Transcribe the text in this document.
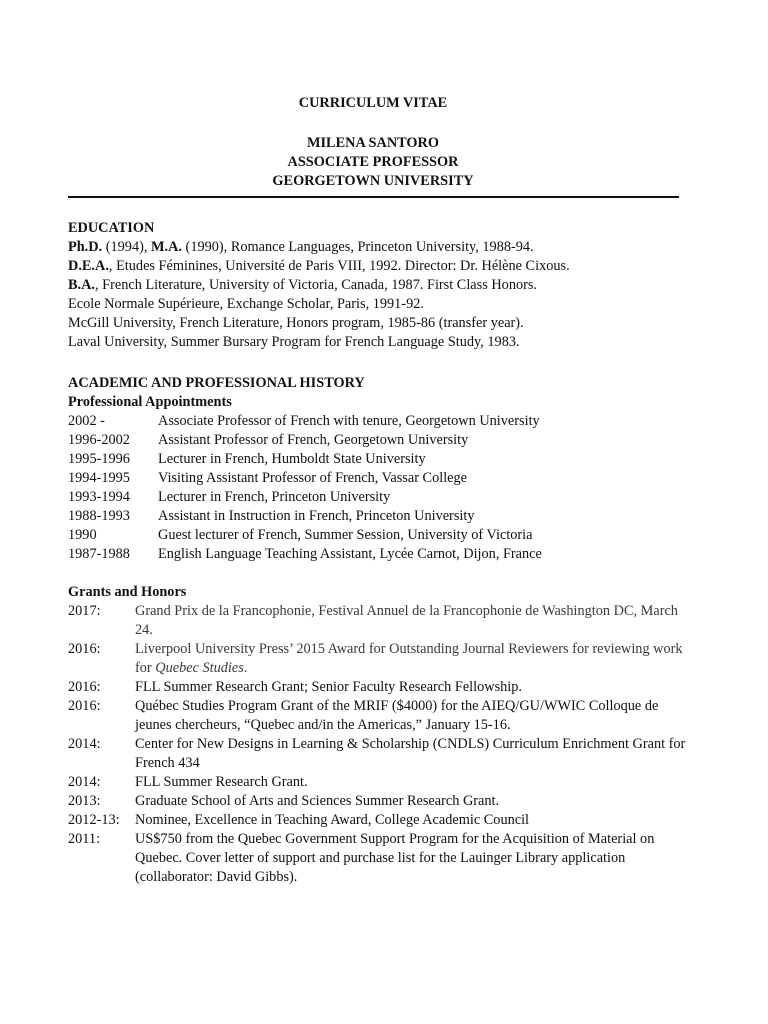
CURRICULUM VITAE
MILENA SANTORO
ASSOCIATE PROFESSOR
GEORGETOWN UNIVERSITY
EDUCATION
Ph.D. (1994), M.A. (1990), Romance Languages, Princeton University, 1988-94.
D.E.A., Etudes Féminines, Université de Paris VIII, 1992. Director: Dr. Hélène Cixous.
B.A., French Literature, University of Victoria, Canada, 1987. First Class Honors.
Ecole Normale Supérieure, Exchange Scholar, Paris, 1991-92.
McGill University, French Literature, Honors program, 1985-86 (transfer year).
Laval University, Summer Bursary Program for French Language Study, 1983.
ACADEMIC AND PROFESSIONAL HISTORY
Professional Appointments
2002 -	Associate Professor of French with tenure, Georgetown University
1996-2002 Assistant Professor of French, Georgetown University
1995-1996 Lecturer in French, Humboldt State University
1994-1995 Visiting Assistant Professor of French, Vassar College
1993-1994 Lecturer in French, Princeton University
1988-1993 Assistant in Instruction in French, Princeton University
1990	Guest lecturer of French, Summer Session, University of Victoria
1987-1988 English Language Teaching Assistant, Lycée Carnot, Dijon, France
Grants and Honors
2017: Grand Prix de la Francophonie, Festival Annuel de la Francophonie de Washington DC, March 24.
2016: Liverpool University Press’ 2015 Award for Outstanding Journal Reviewers for reviewing work for Quebec Studies.
2016: FLL Summer Research Grant; Senior Faculty Research Fellowship.
2016: Québec Studies Program Grant of the MRIF ($4000) for the AIEQ/GU/WWIC Colloque de jeunes chercheurs, “Quebec and/in the Americas,” January 15-16.
2014: Center for New Designs in Learning & Scholarship (CNDLS) Curriculum Enrichment Grant for French 434
2014: FLL Summer Research Grant.
2013: Graduate School of Arts and Sciences Summer Research Grant.
2012-13: Nominee, Excellence in Teaching Award, College Academic Council
2011: US$750 from the Quebec Government Support Program for the Acquisition of Material on Quebec. Cover letter of support and purchase list for the Lauinger Library application (collaborator: David Gibbs).
